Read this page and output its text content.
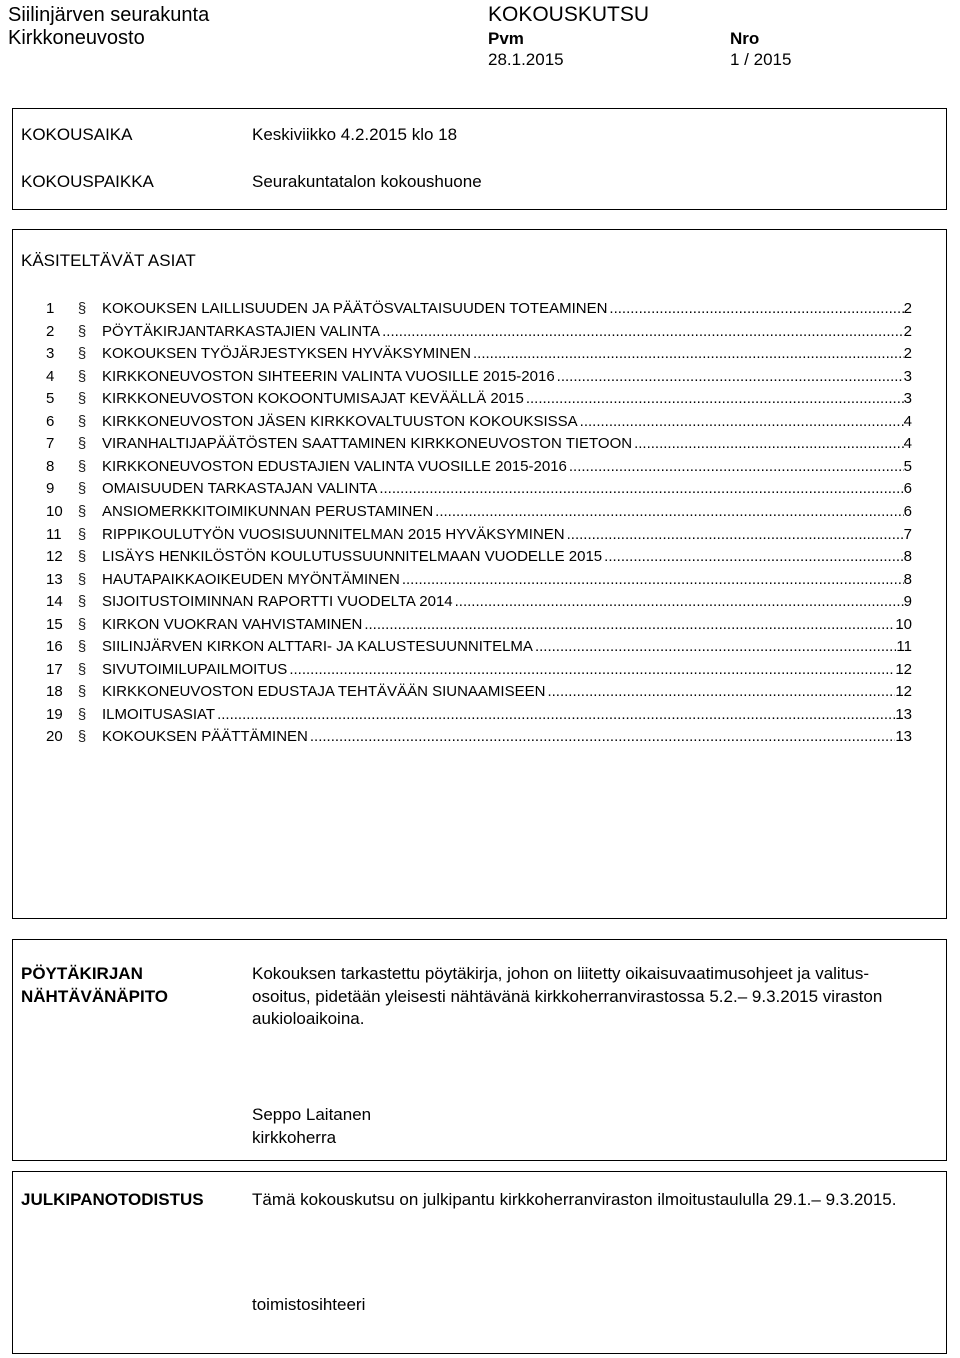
Siilinjärven seurakunta
Kirkkoneuvosto
KOKOUSKUTSU
Pvm
28.1.2015
Nro
1 / 2015
KOKOUSAIKA	Keskiviikko 4.2.2015 klo 18
KOKOUSPAIKKA	Seurakuntatalon kokoushuone
KÄSITELTÄVÄT ASIAT
1	§ KOKOUKSEN LAILLISUUDEN JA PÄÄTÖSVALTAISUUDEN TOTEAMINEN .....	2
2	§ PÖYTÄKIRJANTARKASTAJIEN VALINTA .....	2
3	§ KOKOUKSEN TYÖJÄRJESTYKSEN HYVÄKSYMINEN .....	2
4	§ KIRKKONEUVOSTON SIHTEERIN VALINTA VUOSILLE 2015-2016 .....	3
5	§ KIRKKONEUVOSTON KOKOONTUMISAJAT KEVÄÄLLÄ 2015 .....	3
6	§ KIRKKONEUVOSTON JÄSEN KIRKKOVALTUUSTON KOKOUKSISSA .....	4
7	§ VIRANHALTIJAPÄÄTÖSTEN SAATTAMINEN KIRKKONEUVOSTON TIETOON .....	4
8	§ KIRKKONEUVOSTON EDUSTAJIEN VALINTA VUOSILLE 2015-2016 .....	5
9	§ OMAISUUDEN TARKASTAJAN VALINTA .....	6
10	§ ANSIOMERKKITOIMIKUNNAN PERUSTAMINEN .....	6
11	§ RIPPIKOULUTYÖN VUOSISUUNNITELMAN 2015 HYVÄKSYMINEN .....	7
12	§ LISÄYS HENKILÖSTÖN KOULUTUSSUUNNITELMAAN VUODELLE 2015 .....	8
13	§ HAUTAPAIKKAOIKEUDEN MYÖNTÄMINEN .....	8
14	§ SIJOITUSTOIMINNAN RAPORTTI VUODELTA 2014 .....	9
15	§ KIRKON VUOKRAN VAHVISTAMINEN .....	10
16	§ SIILINJÄRVEN KIRKON ALTTARI- JA KALUSTESUUNNITELMA .....	11
17	§ SIVUTOIMILUPAILMOITUS .....	12
18	§ KIRKKONEUVOSTON EDUSTAJA TEHTÄVÄÄN SIUNAAMISEEN .....	12
19	§ ILMOITUSASIAT .....	13
20	§ KOKOUKSEN PÄÄTTÄMINEN .....	13
PÖYTÄKIRJAN
NÄHTÄVÄNÄPITO
Kokouksen tarkastettu pöytäkirja, johon on liitetty oikaisuvaatimusohjeet ja valitus-
osoitus, pidetään yleisesti nähtävänä kirkkoherranvirastossa 5.2.– 9.3.2015 viraston
aukioloaikoina.
Seppo Laitanen
kirkkoherra
JULKIPANOTODISTUS	Tämä kokouskutsu on julkipantu kirkkoherranviraston ilmoitustaululla 29.1.– 9.3.2015.
toimistosihteeri
